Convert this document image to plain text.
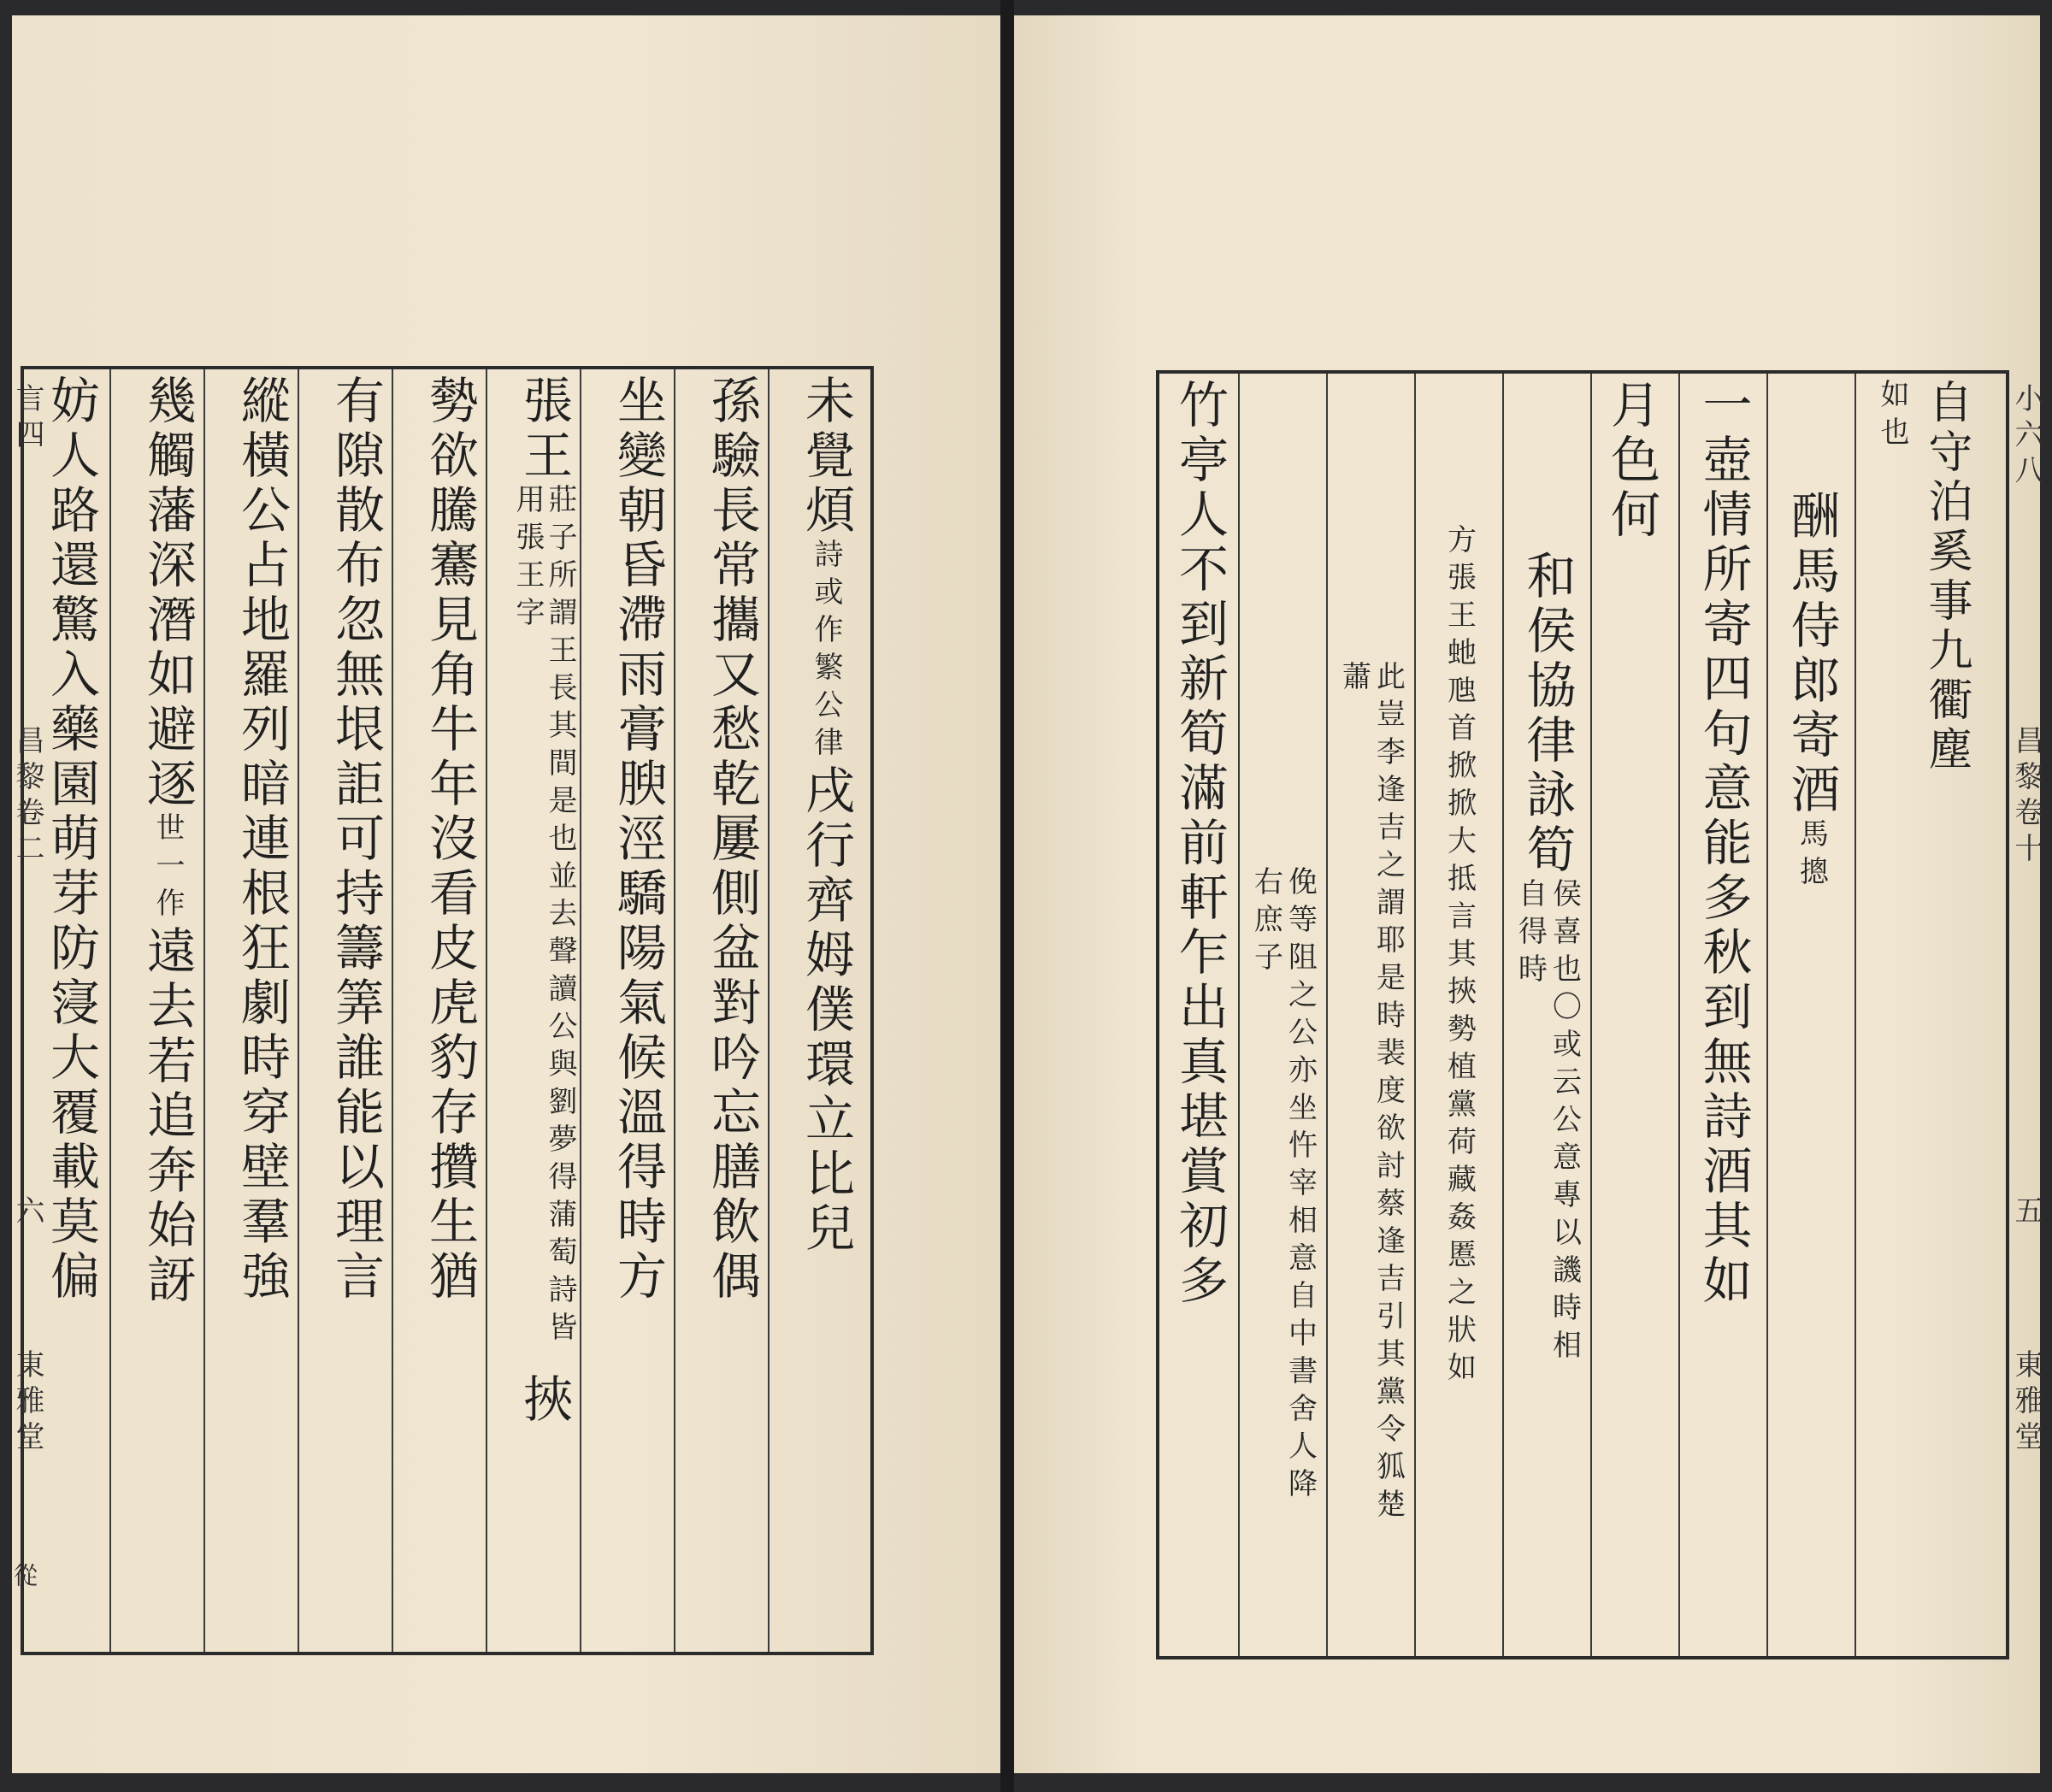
未覺煩
詩或作繁公律
戌行齊姆僕環立比兒
孫驗長常攜又愁乾屢側盆對吟忘膳飲偶
坐變朝昏滯雨膏腴涇驕陽氣候溫得時方
張王
莊子所謂王長其間是也並去聲讀公與劉夢得蒲萄詩皆用張王字
挾
勢欲騰騫見角牛年沒看皮虎豹存攢生猶
有隙散布忽無垠詎可持籌筭誰能以理言
縱橫公占地羅列暗連根狂劇時穿壁羣強
幾觸藩深潛如避逐
世一作
遠去若追奔始訝
妨人路還驚入藥園萌芽防寖大覆載莫偏
言四
昌黎卷二
六
東雅堂
從
如也 自守泊奚事九衢塵
酬馬侍郎寄酒
馬摠
一壺情所寄四句意能多秋到無詩酒其如
月色何
和侯協律詠筍
侯喜也〇或云公意專以譏時相自得時
方張王虵虺首掀掀大抵言其挾勢植黨荷藏姦慝之狀如
此豈李逢吉之謂耶是時裴度欲討蔡逢吉引其黨令狐楚蕭
俛等阻之公亦坐忤宰相意自中書舍人降右庶子
竹亭人不到新筍滿前軒乍出真堪賞初多	小六八
昌黎卷十
五
東雅堂
